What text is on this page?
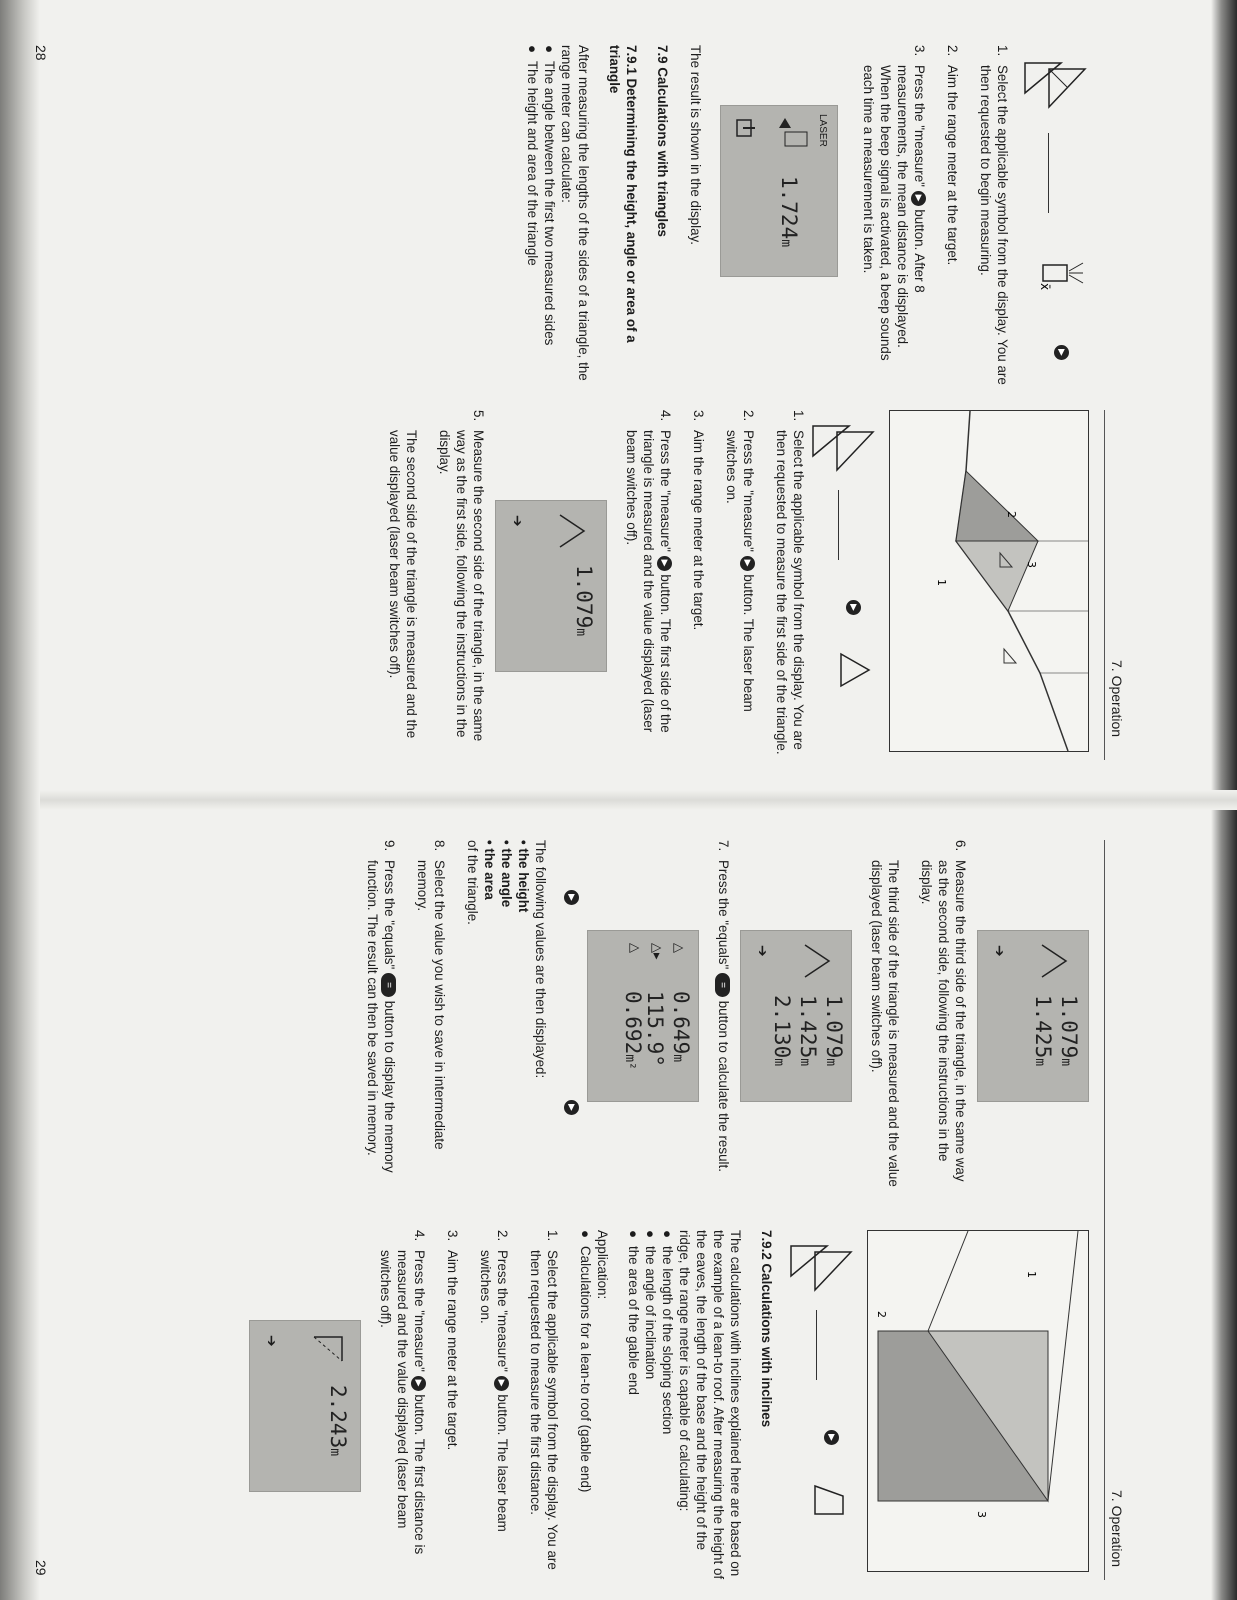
7. Operation
x̄
▶
1.
Select the applicable symbol from the display. You are then requested to begin measuring.
2.
Aim the range meter at the target.
3.
Press the "measure" ▶ button. After 8 measurements, the mean distance is displayed. When the beep signal is activated, a beep sounds each time a measurement is taken.
LASER
1.724m

The result is shown in the display.

7.9 Calculations with triangles
7.9.1 Determining the height, angle or area of a triangle

After measuring the lengths of the sides of a triangle, the range meter can calculate:

●
The angle between the first two measured sides
●
The height and area of the triangle
2
1
3
▶
1.
Select the applicable symbol from the display. You are then requested to measure the first side of the triangle.
2.
Press the "measure" ▶ button. The laser beam switches on.
3.
Aim the range meter at the target.
4.
Press the "measure" ▶ button. The first side of the triangle is measured and the value displayed (laser beam switches off).
1.079m
➔
5.
Measure the second side of the triangle, in the same way as the first side, following the instructions in the display.

The second side of the triangle is measured and the value displayed (laser beam switches off).

28
7. Operation
1.079m
1.425m
➔
6.
Measure the third side of the triangle, in the same way as the second side, following the instructions in the display.

The third side of the triangle is measured and the value displayed (laser beam switches off).

1.079m
1.425m
2.130m
➔
7.
Press the "equals" = button to calculate the result.
0.649m
115.9°
0.692m²
△
△▸
△
▶
▶

The following values are then displayed:

• the height
• the angle
• the area

of the triangle.

8.
Select the value you wish to save in intermediate memory.
9.
Press the "equals" = button to display the memory function. The result can then be saved in memory.
2
3
1
▶
7.9.2 Calculations with inclines

The calculations with inclines explained here are based on the example of a lean-to roof. After measuring the height of the eaves, the length of the base and the height of the ridge, the range meter is capable of calculating:

●
the length of the sloping section
●
the angle of inclination
●
the area of the gable end
Application:
●
Calculations for a lean-to roof (gable end)
1.
Select the applicable symbol from the display. You are then requested to measure the first distance.
2.
Press the "measure" ▶ button. The laser beam switches on.
3.
Aim the range meter at the target.
4.
Press the "measure" ▶ button. The first distance is measured and the value displayed (laser beam switches off).
2.243m
➔
29
